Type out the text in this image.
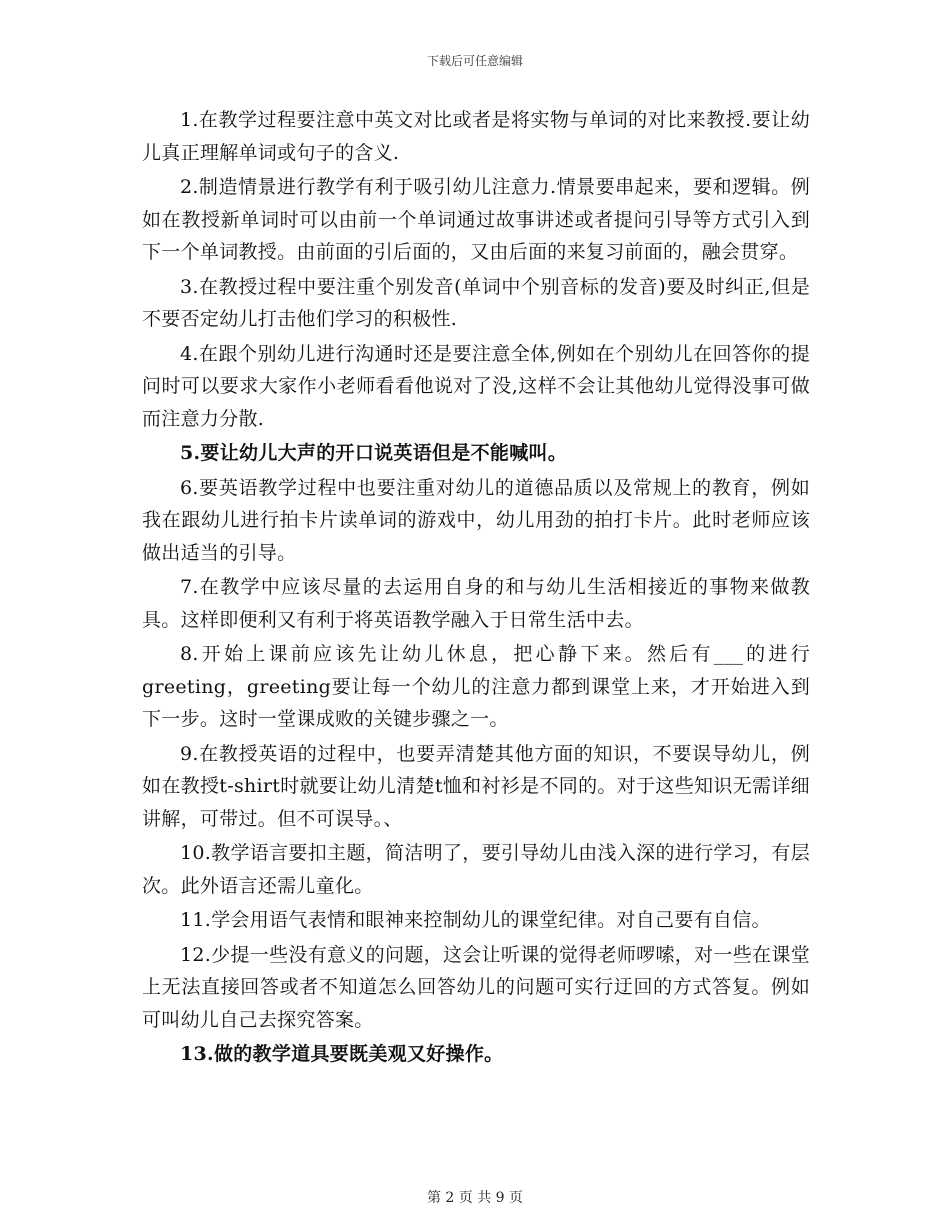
下载后可任意编辑

1.在教学过程要注意中英文对比或者是将实物与单词的对比来教授.要让幼儿真正理解单词或句子的含义.

2.制造情景进行教学有利于吸引幼儿注意力.情景要串起来，要和逻辑。例如在教授新单词时可以由前一个单词通过故事讲述或者提问引导等方式引入到下一个单词教授。由前面的引后面的，又由后面的来复习前面的，融会贯穿。

3.在教授过程中要注重个别发音(单词中个别音标的发音)要及时纠正,但是不要否定幼儿打击他们学习的积极性.

4.在跟个别幼儿进行沟通时还是要注意全体,例如在个别幼儿在回答你的提问时可以要求大家作小老师看看他说对了没,这样不会让其他幼儿觉得没事可做而注意力分散.

5.要让幼儿大声的开口说英语但是不能喊叫。

6.要英语教学过程中也要注重对幼儿的道德品质以及常规上的教育，例如我在跟幼儿进行拍卡片读单词的游戏中，幼儿用劲的拍打卡片。此时老师应该做出适当的引导。

7.在教学中应该尽量的去运用自身的和与幼儿生活相接近的事物来做教具。这样即便利又有利于将英语教学融入于日常生活中去。

8.开始上课前应该先让幼儿休息，把心静下来。然后有___的进行greeting，greeting要让每一个幼儿的注意力都到课堂上来，才开始进入到下一步。这时一堂课成败的关键步骤之一。

9.在教授英语的过程中，也要弄清楚其他方面的知识，不要误导幼儿，例如在教授t-shirt时就要让幼儿清楚t恤和衬衫是不同的。对于这些知识无需详细讲解，可带过。但不可误导。、

10.教学语言要扣主题，简洁明了，要引导幼儿由浅入深的进行学习，有层次。此外语言还需儿童化。

11.学会用语气表情和眼神来控制幼儿的课堂纪律。对自己要有自信。

12.少提一些没有意义的问题，这会让听课的觉得老师啰嗦，对一些在课堂上无法直接回答或者不知道怎么回答幼儿的问题可实行迂回的方式答复。例如可叫幼儿自己去探究答案。

13.做的教学道具要既美观又好操作。

第 2 页 共 9 页
